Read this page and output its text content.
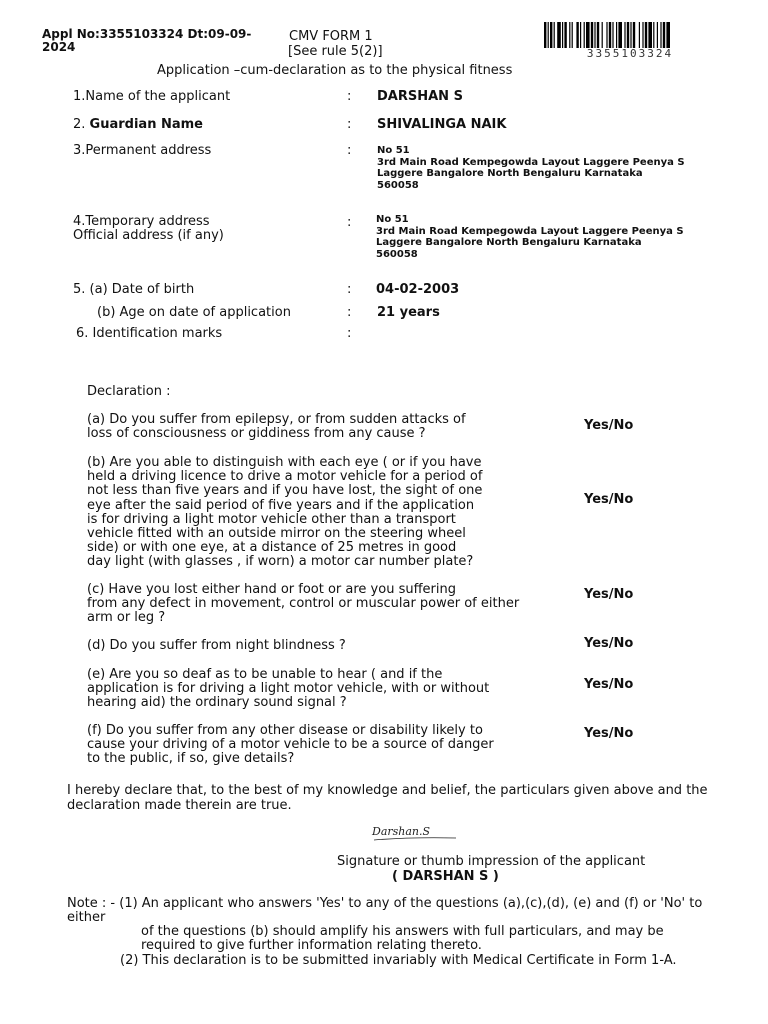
Appl No:3355103324 Dt:09-09-2024
CMV FORM 1
[See rule 5(2)]	3355103324
Application –cum-declaration as to the physical fitness
1.Name of the applicant	: DARSHAN S
2. Guardian Name	: SHIVALINGA NAIK
3.Permanent address	:	No 51
3rd Main Road Kempegowda Layout Laggere Peenya S
Laggere Bangalore North Bengaluru Karnataka
560058
4.Temporary address
Official address (if any)
: No 51
3rd Main Road Kempegowda Layout Laggere Peenya S
Laggere Bangalore North Bengaluru Karnataka
560058
5. (a) Date of birth	: 04-02-2003
(b) Age on date of application	: 21 years
6. Identification marks	:
Declaration :
(a) Do you suffer from epilepsy, or from sudden attacks of
loss of consciousness or giddiness from any cause ?
Yes/No
(b) Are you able to distinguish with each eye ( or if you have
held a driving licence to drive a motor vehicle for a period of
not less than five years and if you have lost, the sight of one
eye after the said period of five years and if the application
is for driving a light motor vehicle other than a transport
vehicle fitted with an outside mirror on the steering wheel
side) or with one eye, at a distance of 25 metres in good
day light (with glasses , if worn) a motor car number plate?
Yes/No
(c) Have you lost either hand or foot or are you suffering
from any defect in movement, control or muscular power of either
arm or leg ?
Yes/No
(d) Do you suffer from night blindness ?	Yes/No
(e) Are you so deaf as to be unable to hear ( and if the
application is for driving a light motor vehicle, with or without
hearing aid) the ordinary sound signal ?
Yes/No
(f) Do you suffer from any other disease or disability likely to
cause your driving of a motor vehicle to be a source of danger
to the public, if so, give details?
Yes/No
I hereby declare that, to the best of my knowledge and belief, the particulars given above and the declaration made therein are true.
Darshan.S
Signature or thumb impression of the applicant
( DARSHAN S )
Note : - (1) An applicant who answers 'Yes' to any of the questions (a),(c),(d), (e) and (f) or 'No' to either
of the questions (b) should amplify his answers with full particulars, and may be required to give further information relating thereto.
(2) This declaration is to be submitted invariably with Medical Certificate in Form 1-A.
